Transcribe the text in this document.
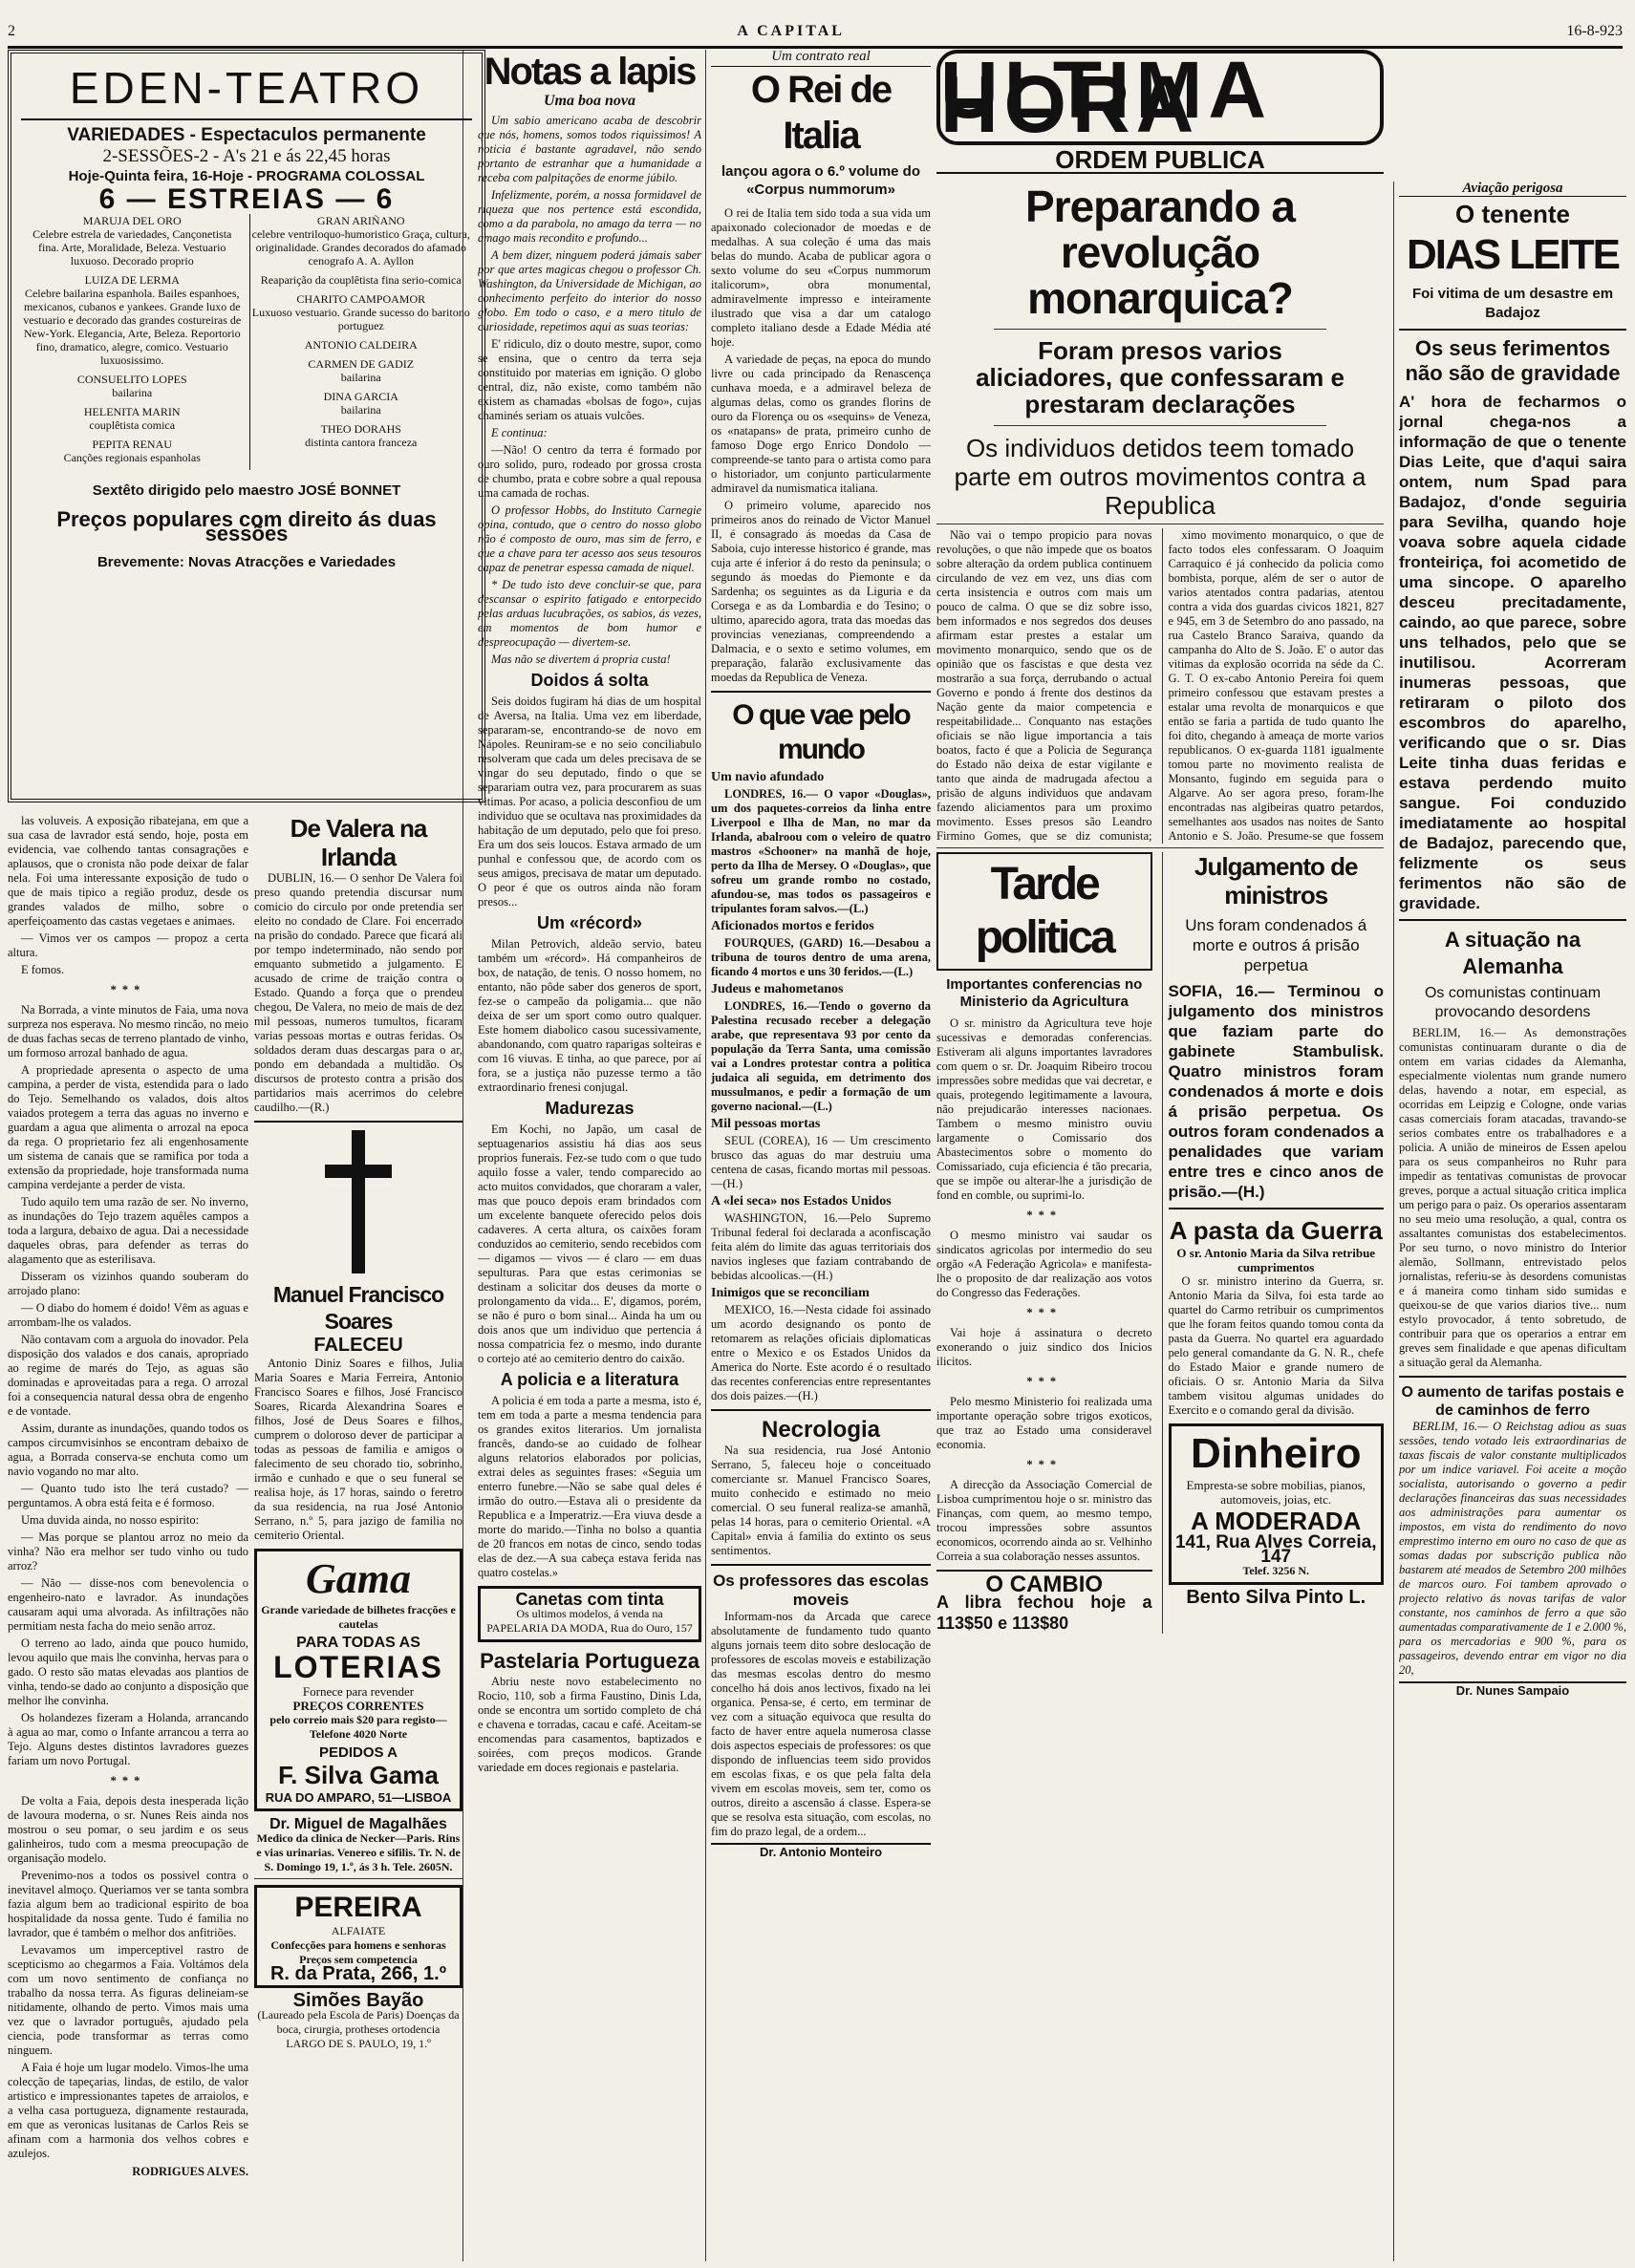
2	A CAPITAL	16-8-923
EDEN-TEATRO
VARIEDADES - Espectaculos permanente
2-SESSÕES-2 - A's 21 e ás 22,45 horas
Hoje-Quinta feira, 16-Hoje - PROGRAMA COLOSSAL
6 — ESTREIAS — 6
MARUJA DEL ORO
Celebre estrela de variedades, Cançonetista fina. Arte, Moralidade, Beleza. Vestuario luxuoso. Decorado proprio
LUIZA DE LERMA
Celebre bailarina espanhola. Bailes espanhoes, mexicanos, cubanos e yankees. Grande luxo de vestuario e decorado das grandes costureiras de New-York. Elegancia, Arte, Beleza. Reportorio fino, dramatico, alegre, comico. Vestuario luxuosissimo.
CONSUELITO LOPES
bailarina
HELENITA MARIN
couplêtista comica
PEPITA RENAU
Canções regionais espanholas
GRAN ARIÑANO
celebre ventriloquo-humoristico Graça, cultura, originalidade. Grandes decorados do afamado cenografo A. A. Ayllon
Reaparição da couplêtista fina serio-comica
CHARITO CAMPOAMOR
Luxuoso vestuario. Grande sucesso do baritono portuguez
ANTONIO CALDEIRA
CARMEN DE GADIZ
bailarina
DINA GARCIA
bailarina
THEO DORAHS
distinta cantora franceza
Sextêto dirigido pelo maestro JOSÉ BONNET
Preços populares com direito ás duas sessões
Brevemente: Novas Atracções e Variedades

las voluveis. A exposição ribatejana, em que a sua casa de lavrador está sendo, hoje, posta em evidencia, vae colhendo tantas consagrações e aplausos, que o cronista não pode deixar de falar nela. Foi uma interessante exposição de tudo o que de mais tipico a região produz, desde os grandes valados de milho, sobre o aperfeiçoamento das castas vegetaes e animaes.

— Vimos ver os campos — propoz a certa altura.

E fomos.

***

Na Borrada, a vinte minutos de Faia, uma nova surpreza nos esperava. No mesmo rincão, no meio de duas fachas secas de terreno plantado de vinho, um formoso arrozal banhado de agua.

A propriedade apresenta o aspecto de uma campina, a perder de vista, estendida para o lado do Tejo. Semelhando os valados, dois altos vaiados protegem a terra das aguas no inverno e guardam a agua que alimenta o arrozal na epoca da rega. O proprietario fez ali engenhosamente um sistema de canais que se ramifica por toda a extensão da propriedade, hoje transformada numa campina verdejante a perder de vista.

Tudo aquilo tem uma razão de ser. No inverno, as inundações do Tejo trazem aquêles campos a toda a largura, debaixo de agua. Dai a necessidade daqueles obras, para defender as terras do alagamento que as esterilisava.

Disseram os vizinhos quando souberam do arrojado plano:

— O diabo do homem é doido! Vêm as aguas e arrombam-lhe os valados.

Não contavam com a arguola do inovador. Pela disposição dos valados e dos canais, apropriado ao regime de marés do Tejo, as aguas são dominadas e aproveitadas para a rega. O arrozal foi a consequencia natural dessa obra de engenho e de vontade.

Assim, durante as inundações, quando todos os campos circumvisinhos se encontram debaixo de agua, a Borrada conserva-se enchuta como um navio vogando no mar alto.

— Quanto tudo isto lhe terá custado? — perguntamos. A obra está feita e é formoso.

Uma duvida ainda, no nosso espirito:

— Mas porque se plantou arroz no meio da vinha? Não era melhor ser tudo vinho ou tudo arroz?

— Não — disse-nos com benevolencia o engenheiro-nato e lavrador. As inundações causaram aqui uma alvorada. As infiltrações não permitiam nesta facha do meio senão arroz.

O terreno ao lado, ainda que pouco humido, levou aquilo que mais lhe convinha, hervas para o gado. O resto são matas elevadas aos plantios de vinha, tendo-se dado ao conjunto a disposição que melhor lhe convinha.

Os holandezes fizeram a Holanda, arrancando à agua ao mar, como o Infante arrancou a terra ao Tejo. Alguns destes distintos lavradores guezes fariam um novo Portugal.

***

De volta a Faia, depois desta inesperada lição de lavoura moderna, o sr. Nunes Reis ainda nos mostrou o seu pomar, o seu jardim e os seus galinheiros, tudo com a mesma preocupação de organisação modelo.

Prevenimo-nos a todos os possivel contra o inevitavel almoço. Queriamos ver se tanta sombra fazia algum bem ao tradicional espirito de boa hospitalidade da nossa gente. Tudo é familia no lavrador, que é também o melhor dos anfitriões.

Levavamos um imperceptivel rastro de scepticismo ao chegarmos a Faia. Voltámos dela com um novo sentimento de confiança no trabalho da nossa terra. As figuras delineiam-se nitidamente, olhando de perto. Vimos mais uma vez que o lavrador português, ajudado pela ciencia, pode transformar as terras como ninguem.

A Faia é hoje um lugar modelo. Vimos-lhe uma colecção de tapeçarias, lindas, de estilo, de valor artistico e impressionantes tapetes de arraiolos, e a velha casa portugueza, dignamente restaurada, em que as veronicas lusitanas de Carlos Reis se afinam com a harmonia dos velhos cobres e azulejos.

RODRIGUES ALVES.
De Valera na Irlanda

DUBLIN, 16.— O senhor De Valera foi preso quando pretendia discursar num comicio do circulo por onde pretendia ser eleito no condado de Clare. Foi encerrado na prisão do condado. Parece que ficará ali por tempo indeterminado, não sendo por emquanto submetido a julgamento. E acusado de crime de traição contra o Estado. Quando a força que o prendeu chegou, De Valera, no meio de mais de dez mil pessoas, numeros tumultos, ficaram varias pessoas mortas e outras feridas. Os soldados deram duas descargas para o ar, pondo em debandada a multidão. Os discursos de protesto contra a prisão dos partidarios mais acerrimos do celebre caudilho.—(R.)

Manuel Francisco Soares
FALECEU

Antonio Diniz Soares e filhos, Julia Maria Soares e Maria Ferreira, Antonio Francisco Soares e filhos, José Francisco Soares, Ricarda Alexandrina Soares e filhos, José de Deus Soares e filhos, cumprem o doloroso dever de participar a todas as pessoas de familia e amigos o falecimento de seu chorado tio, sobrinho, irmão e cunhado e que o seu funeral se realisa hoje, ás 17 horas, saindo o feretro da sua residencia, na rua José Antonio Serrano, n.º 5, para jazigo de familia no cemiterio Oriental.

Gama
Grande variedade de bilhetes fracções e cautelas
PARA TODAS AS
LOTERIAS
Fornece para revender
PREÇOS CORRENTES
pelo correio mais $20 para registo—Telefone 4020 Norte
PEDIDOS A
F. Silva Gama
RUA DO AMPARO, 51—LISBOA
Dr. Miguel de Magalhães
Medico da clinica de Necker—Paris. Rins e vias urinarias. Venereo e sifilis. Tr. N. de S. Domingo 19, 1.º, ás 3 h. Tele. 2605N.
PEREIRA
ALFAIATE
Confecções para homens e senhoras
Preços sem competencia
R. da Prata, 266, 1.º
Simões Bayão
(Laureado pela Escola de Paris) Doenças da boca, cirurgia, protheses ortodencia
LARGO DE S. PAULO, 19, 1.º
Notas a lapis
Uma boa nova

Um sabio americano acaba de descobrir que nós, homens, somos todos riquissimos! A noticia é bastante agradavel, não sendo portanto de estranhar que a humanidade a receba com palpitações de enorme júbilo.

Infelizmente, porém, a nossa formidavel de riqueza que nos pertence está escondida, como a da parabola, no amago da terra — no amago mais recondito e profundo...

A bem dizer, ninguem poderá jámais saber por que artes magicas chegou o professor Ch. Washington, da Universidade de Michigan, ao conhecimento perfeito do interior do nosso globo. Em todo o caso, e a mero titulo de curiosidade, repetimos aqui as suas teorias:

E' ridiculo, diz o douto mestre, supor, como se ensina, que o centro da terra seja constituido por materias em ignição. O globo central, diz, não existe, como também não existem as chamadas «bolsas de fogo», cujas chaminés seriam os atuais vulcões.

E continua:

—Não! O centro da terra é formado por ouro solido, puro, rodeado por grossa crosta de chumbo, prata e cobre sobre a qual repousa uma camada de rochas.

O professor Hobbs, do Instituto Carnegie opina, contudo, que o centro do nosso globo não é composto de ouro, mas sim de ferro, e que a chave para ter acesso aos seus tesouros capaz de penetrar espessa camada de niquel.

* De tudo isto deve concluir-se que, para descansar o espirito fatigado e entorpecido pelas arduas lucubrações, os sabios, ás vezes, em momentos de bom humor e despreocupação — divertem-se.

Mas não se divertem á propria custa!

Doidos á solta

Seis doidos fugiram há dias de um hospital de Aversa, na Italia. Uma vez em liberdade, separaram-se, encontrando-se de novo em Nápoles. Reuniram-se e no seio conciliabulo resolveram que cada um deles precisava de se vingar do seu deputado, findo o que se separariam outra vez, para procurarem as suas vitimas. Por acaso, a policia desconfiou de um individuo que se ocultava nas proximidades da habitação de um deputado, pelo que foi preso. Era um dos seis loucos. Estava armado de um punhal e confessou que, de acordo com os seus amigos, precisava de matar um deputado. O peor é que os outros ainda não foram presos...

Um «récord»

Milan Petrovich, aldeão servio, bateu também um «récord». Há companheiros de box, de natação, de tenis. O nosso homem, no entanto, não pôde saber dos generos de sport, fez-se o campeão da poligamia... que não deixa de ser um sport como outro qualquer. Este homem diabolico casou sucessivamente, abandonando, com quatro raparigas solteiras e com 16 viuvas. E tinha, ao que parece, por aí fora, se a justiça não puzesse termo a tão extraordinario frenesi conjugal.

Madurezas

Em Kochi, no Japão, um casal de septuagenarios assistiu há dias aos seus proprios funerais. Fez-se tudo com o que tudo aquilo fosse a valer, tendo comparecido ao acto muitos convidados, que choraram a valer, mas que pouco depois eram brindados com um excelente banquete oferecido pelos dois cadaveres. A certa altura, os caixões foram conduzidos ao cemiterio, sendo recebidos com — digamos — vivos — é claro — em duas sepulturas. Para que estas cerimonias se destinam a solicitar dos deuses da morte o prolongamento da vida... E', digamos, porém, se não é puro o bom sinal... Ainda ha um ou dois anos que um individuo que pertencia á nossa compatricia fez o mesmo, indo durante o cortejo até ao cemiterio dentro do caixão.

A policia e a literatura

A policia é em toda a parte a mesma, isto é, tem em toda a parte a mesma tendencia para os grandes exitos literarios. Um jornalista francês, dando-se ao cuidado de folhear alguns relatorios elaborados por policias, extrai deles as seguintes frases: «Seguia um enterro funebre.—Não se sabe qual deles é irmão do outro.—Estava ali o presidente da Republica e a Imperatriz.—Era viuva desde a morte do marido.—Tinha no bolso a quantia de 20 francos em notas de cinco, sendo todas elas de dez.—A sua cabeça estava ferida nas quatro costelas.»

Canetas com tinta
Os ultimos modelos, á venda na PAPELARIA DA MODA, Rua do Ouro, 157
Pastelaria Portugueza

Abriu neste novo estabelecimento no Rocio, 110, sob a firma Faustino, Dinis Lda, onde se encontra um sortido completo de chá e chavena e torradas, cacau e café. Aceitam-se encomendas para casamentos, baptizados e soirées, com preços modicos. Grande variedade em doces regionais e pastelaria.

Um contrato real
O Rei de Italia
lançou agora o 6.º volume do «Corpus nummorum»

O rei de Italia tem sido toda a sua vida um apaixonado colecionador de moedas e de medalhas. A sua coleção é uma das mais belas do mundo. Acaba de publicar agora o sexto volume do seu «Corpus nummorum italicorum», obra monumental, admiravelmente impresso e inteiramente ilustrado que visa a dar um catalogo completo italiano desde a Edade Média até hoje.

A variedade de peças, na epoca do mundo livre ou cada principado da Renascença cunhava moeda, e a admiravel beleza de algumas delas, como os grandes florins de ouro da Florença ou os «sequins» de Veneza, os «natapans» de prata, primeiro cunho de famoso Doge ergo Enrico Dondolo — compreende-se tanto para o artista como para o historiador, um conjunto particularmente admiravel da numismatica italiana.

O primeiro volume, aparecido nos primeiros anos do reinado de Victor Manuel II, é consagrado ás moedas da Casa de Saboia, cujo interesse historico é grande, mas cuja arte é inferior á do resto da peninsula; o segundo ás moedas do Piemonte e da Sardenha; os seguintes as da Liguria e da Corsega e as da Lombardia e do Tesino; o ultimo, aparecido agora, trata das moedas das provincias venezianas, compreendendo a Dalmacia, e o sexto e setimo volumes, em preparação, falarão exclusivamente das moedas da Republica de Veneza.

O que vae pelo mundo
Um navio afundado

LONDRES, 16.— O vapor «Douglas», um dos paquetes-correios da linha entre Liverpool e Ilha de Man, no mar da Irlanda, abalroou com o veleiro de quatro mastros «Schooner» na manhã de hoje, perto da Ilha de Mersey. O «Douglas», que sofreu um grande rombo no costado, afundou-se, mas todos os passageiros e tripulantes foram salvos.—(L.)

Aficionados mortos e feridos

FOURQUES, (GARD) 16.—Desabou a tribuna de touros dentro de uma arena, ficando 4 mortos e uns 30 feridos.—(L.)

Judeus e mahometanos

LONDRES, 16.—Tendo o governo da Palestina recusado receber a delegação arabe, que representava 93 por cento da população da Terra Santa, uma comissão vai a Londres protestar contra a politica judaica ali seguida, em detrimento dos mussulmanos, e pedir a formação de um governo nacional.—(L.)

Mil pessoas mortas

SEUL (COREA), 16 — Um crescimento brusco das aguas do mar destruiu uma centena de casas, ficando mortas mil pessoas.—(H.)

A «lei seca» nos Estados Unidos

WASHINGTON, 16.—Pelo Supremo Tribunal federal foi declarada a aconfiscação feita além do limite das aguas territoriais dos navios ingleses que faziam contrabando de bebidas alcoolicas.—(H.)

Inimigos que se reconciliam

MEXICO, 16.—Nesta cidade foi assinado um acordo designando os ponto de retomarem as relações oficiais diplomaticas entre o Mexico e os Estados Unidos da America do Norte. Este acordo é o resultado das recentes conferencias entre representantes dos dois paizes.—(H.)

Necrologia

Na sua residencia, rua José Antonio Serrano, 5, faleceu hoje o conceituado comerciante sr. Manuel Francisco Soares, muito conhecido e estimado no meio comercial. O seu funeral realiza-se amanhã, pelas 14 horas, para o cemiterio Oriental. «A Capital» envia á familia do extinto os seus sentimentos.

Os professores das escolas moveis

Informam-nos da Arcada que carece absolutamente de fundamento tudo quanto alguns jornais teem dito sobre deslocação de professores de escolas moveis e estabilização das mesmas escolas dentro do mesmo concelho há dois anos lectivos, fixado na lei organica. Pensa-se, é certo, em terminar de vez com a situação equivoca que resulta do facto de haver entre aquela numerosa classe dois aspectos especiais de professores: os que dispondo de influencias teem sido providos em escolas fixas, e os que pela falta dela vivem em escolas moveis, sem ter, como os outros, direito a ascensão á classe. Espera-se que se resolva esta situação, com escolas, no fim do prazo legal, de a ordem...

Dr. Antonio Monteiro
ULTIMA HORA
ORDEM PUBLICA
Preparando a revolução monarquica?
Foram presos varios aliciadores, que confessaram e prestaram declarações
Os individuos detidos teem tomado parte em outros movimentos contra a Republica

Não vai o tempo propicio para novas revoluções, o que não impede que os boatos sobre alteração da ordem publica continuem circulando de vez em vez, uns dias com certa insistencia e outros com mais um pouco de calma. O que se diz sobre isso, bem informados e nos segredos dos deuses afirmam estar prestes a estalar um movimento monarquico, sendo que os de opinião que os fascistas e que desta vez mostrarão a sua força, derrubando o actual Governo e pondo á frente dos destinos da Nação gente da maior competencia e respeitabilidade... Conquanto nas estações oficiais se não ligue importancia a tais boatos, facto é que a Policia de Segurança do Estado não deixa de estar vigilante e tanto que ainda de madrugada afectou a prisão de alguns individuos que andavam fazendo aliciamentos para um proximo movimento. Esses presos são Leandro Firmino Gomes, que se diz comunista;

ximo movimento monarquico, o que de facto todos eles confessaram. O Joaquim Carraquico é já conhecido da policia como bombista, porque, além de ser o autor de varios atentados contra padarias, atentou contra a vida dos guardas civicos 1821, 827 e 945, em 3 de Setembro do ano passado, na rua Castelo Branco Saraiva, quando da campanha do Alto de S. João. E' o autor das vitimas da explosão ocorrida na séde da C. G. T. O ex-cabo Antonio Pereira foi quem primeiro confessou que estavam prestes a estalar uma revolta de monarquicos e que então se faria a partida de tudo quanto lhe foi dito, chegando à ameaça de morte varios republicanos. O ex-guarda 1181 igualmente tomou parte no movimento realista de Monsanto, fugindo em seguida para o Algarve. Ao ser agora preso, foram-lhe encontradas nas algibeiras quatro petardos, semelhantes aos usados nas noites de Santo Antonio e S. João. Presume-se que fossem

Tarde politica
Importantes conferencias no Ministerio da Agricultura

O sr. ministro da Agricultura teve hoje sucessivas e demoradas conferencias. Estiveram ali alguns importantes lavradores com quem o sr. Dr. Joaquim Ribeiro trocou impressões sobre medidas que vai decretar, e quais, protegendo legitimamente a lavoura, não prejudicarão interesses nacionaes. Tambem o mesmo ministro ouviu largamente o Comissario dos Abastecimentos sobre o momento do Comissariado, cuja eficiencia é tão precaria, que se impõe ou alterar-lhe a jurisdição de fond en comble, ou suprimi-lo.

***

O mesmo ministro vai saudar os sindicatos agricolas por intermedio do seu orgão «A Federação Agricola» e manifesta-lhe o proposito de dar realização aos votos do Congresso das Federações.

***

Vai hoje á assinatura o decreto exonerando o juiz sindico dos Inicios ilicitos.

***

Pelo mesmo Ministerio foi realizada uma importante operação sobre trigos exoticos, que traz ao Estado uma consideravel economia.

***

A direcção da Associação Comercial de Lisboa cumprimentou hoje o sr. ministro das Finanças, com quem, ao mesmo tempo, trocou impressões sobre assuntos economicos, ocorrendo ainda ao sr. Velhinho Correia a sua colaboração nesses assuntos.

O CAMBIO
A libra fechou hoje a 113$50 e 113$80
Julgamento de ministros
Uns foram condenados á morte e outros á prisão perpetua
SOFIA, 16.— Terminou o julgamento dos ministros que faziam parte do gabinete Stambulisk. Quatro ministros foram condenados á morte e dois á prisão perpetua. Os outros foram condenados a penalidades que variam entre tres e cinco anos de prisão.—(H.)
A pasta da Guerra
O sr. Antonio Maria da Silva retribue cumprimentos

O sr. ministro interino da Guerra, sr. Antonio Maria da Silva, foi esta tarde ao quartel do Carmo retribuir os cumprimentos que lhe foram feitos quando tomou conta da pasta da Guerra. No quartel era aguardado pelo general comandante da G. N. R., chefe do Estado Maior e grande numero de oficiais. O sr. Antonio Maria da Silva tambem visitou algumas unidades do Exercito e o comando geral da divisão.

Dinheiro
Empresta-se sobre mobilias, pianos, automoveis, joias, etc.
A MODERADA
141, Rua Alves Correia, 147
Telef. 3256 N.
Bento Silva Pinto L.
Aviação perigosa
O tenente
DIAS LEITE
Foi vitima de um desastre em Badajoz
Os seus ferimentos não são de gravidade
A' hora de fecharmos o jornal chega-nos a informação de que o tenente Dias Leite, que d'aqui saira ontem, num Spad para Badajoz, d'onde seguiria para Sevilha, quando hoje voava sobre aquela cidade fronteiriça, foi acometido de uma sincope. O aparelho desceu precitadamente, caindo, ao que parece, sobre uns telhados, pelo que se inutilisou. Acorreram inumeras pessoas, que retiraram o piloto dos escombros do aparelho, verificando que o sr. Dias Leite tinha duas feridas e estava perdendo muito sangue. Foi conduzido imediatamente ao hospital de Badajoz, parecendo que, felizmente os seus ferimentos não são de gravidade.
A situação na Alemanha
Os comunistas continuam provocando desordens

BERLIM, 16.— As demonstrações comunistas continuaram durante o dia de ontem em varias cidades da Alemanha, especialmente violentas num grande numero delas, havendo a notar, em especial, as ocorridas em Leipzig e Cologne, onde varias casas comerciais foram atacadas, travando-se serios combates entre os trabalhadores e a policia. A união de mineiros de Essen apelou para os seus companheiros no Ruhr para impedir as tentativas comunistas de provocar greves, porque a actual situação critica implica um perigo para o paiz. Os operarios assentaram no seu meio uma resolução, a qual, contra os assaltantes comunistas dos estabelecimentos. Por seu turno, o novo ministro do Interior alemão, Sollmann, entrevistado pelos jornalistas, referiu-se às desordens comunistas e á maneira como tinham sido sumidas e queixou-se de que varios diarios tive... num estylo provocador, á tento sobretudo, de contribuir para que os operarios a entrar em greves sem finalidade e que apenas dificultam a situação geral da Alemanha.

O aumento de tarifas postais e de caminhos de ferro

BERLIM, 16.— O Reichstag adiou as suas sessões, tendo votado leis extraordinarias de taxas fiscais de valor constante multiplicados por um indice variavel. Foi aceite a moção socialista, autorisando o governo a pedir declarações financeiras das suas necessidades aos administrações para aumentar os impostos, em vista do rendimento do novo emprestimo interno em ouro no caso de que as somas dadas por subscrição publica não bastarem até meados de Setembro 200 milhões de marcos ouro. Foi tambem aprovado o projecto relativo ás novas tarifas de valor constante, nos caminhos de ferro a que são aumentadas comparativamente de 1 e 2.000 %, para os mercadorias e 900 %, para os passageiros, devendo entrar em vigor no dia 20,

Dr. Nunes Sampaio
